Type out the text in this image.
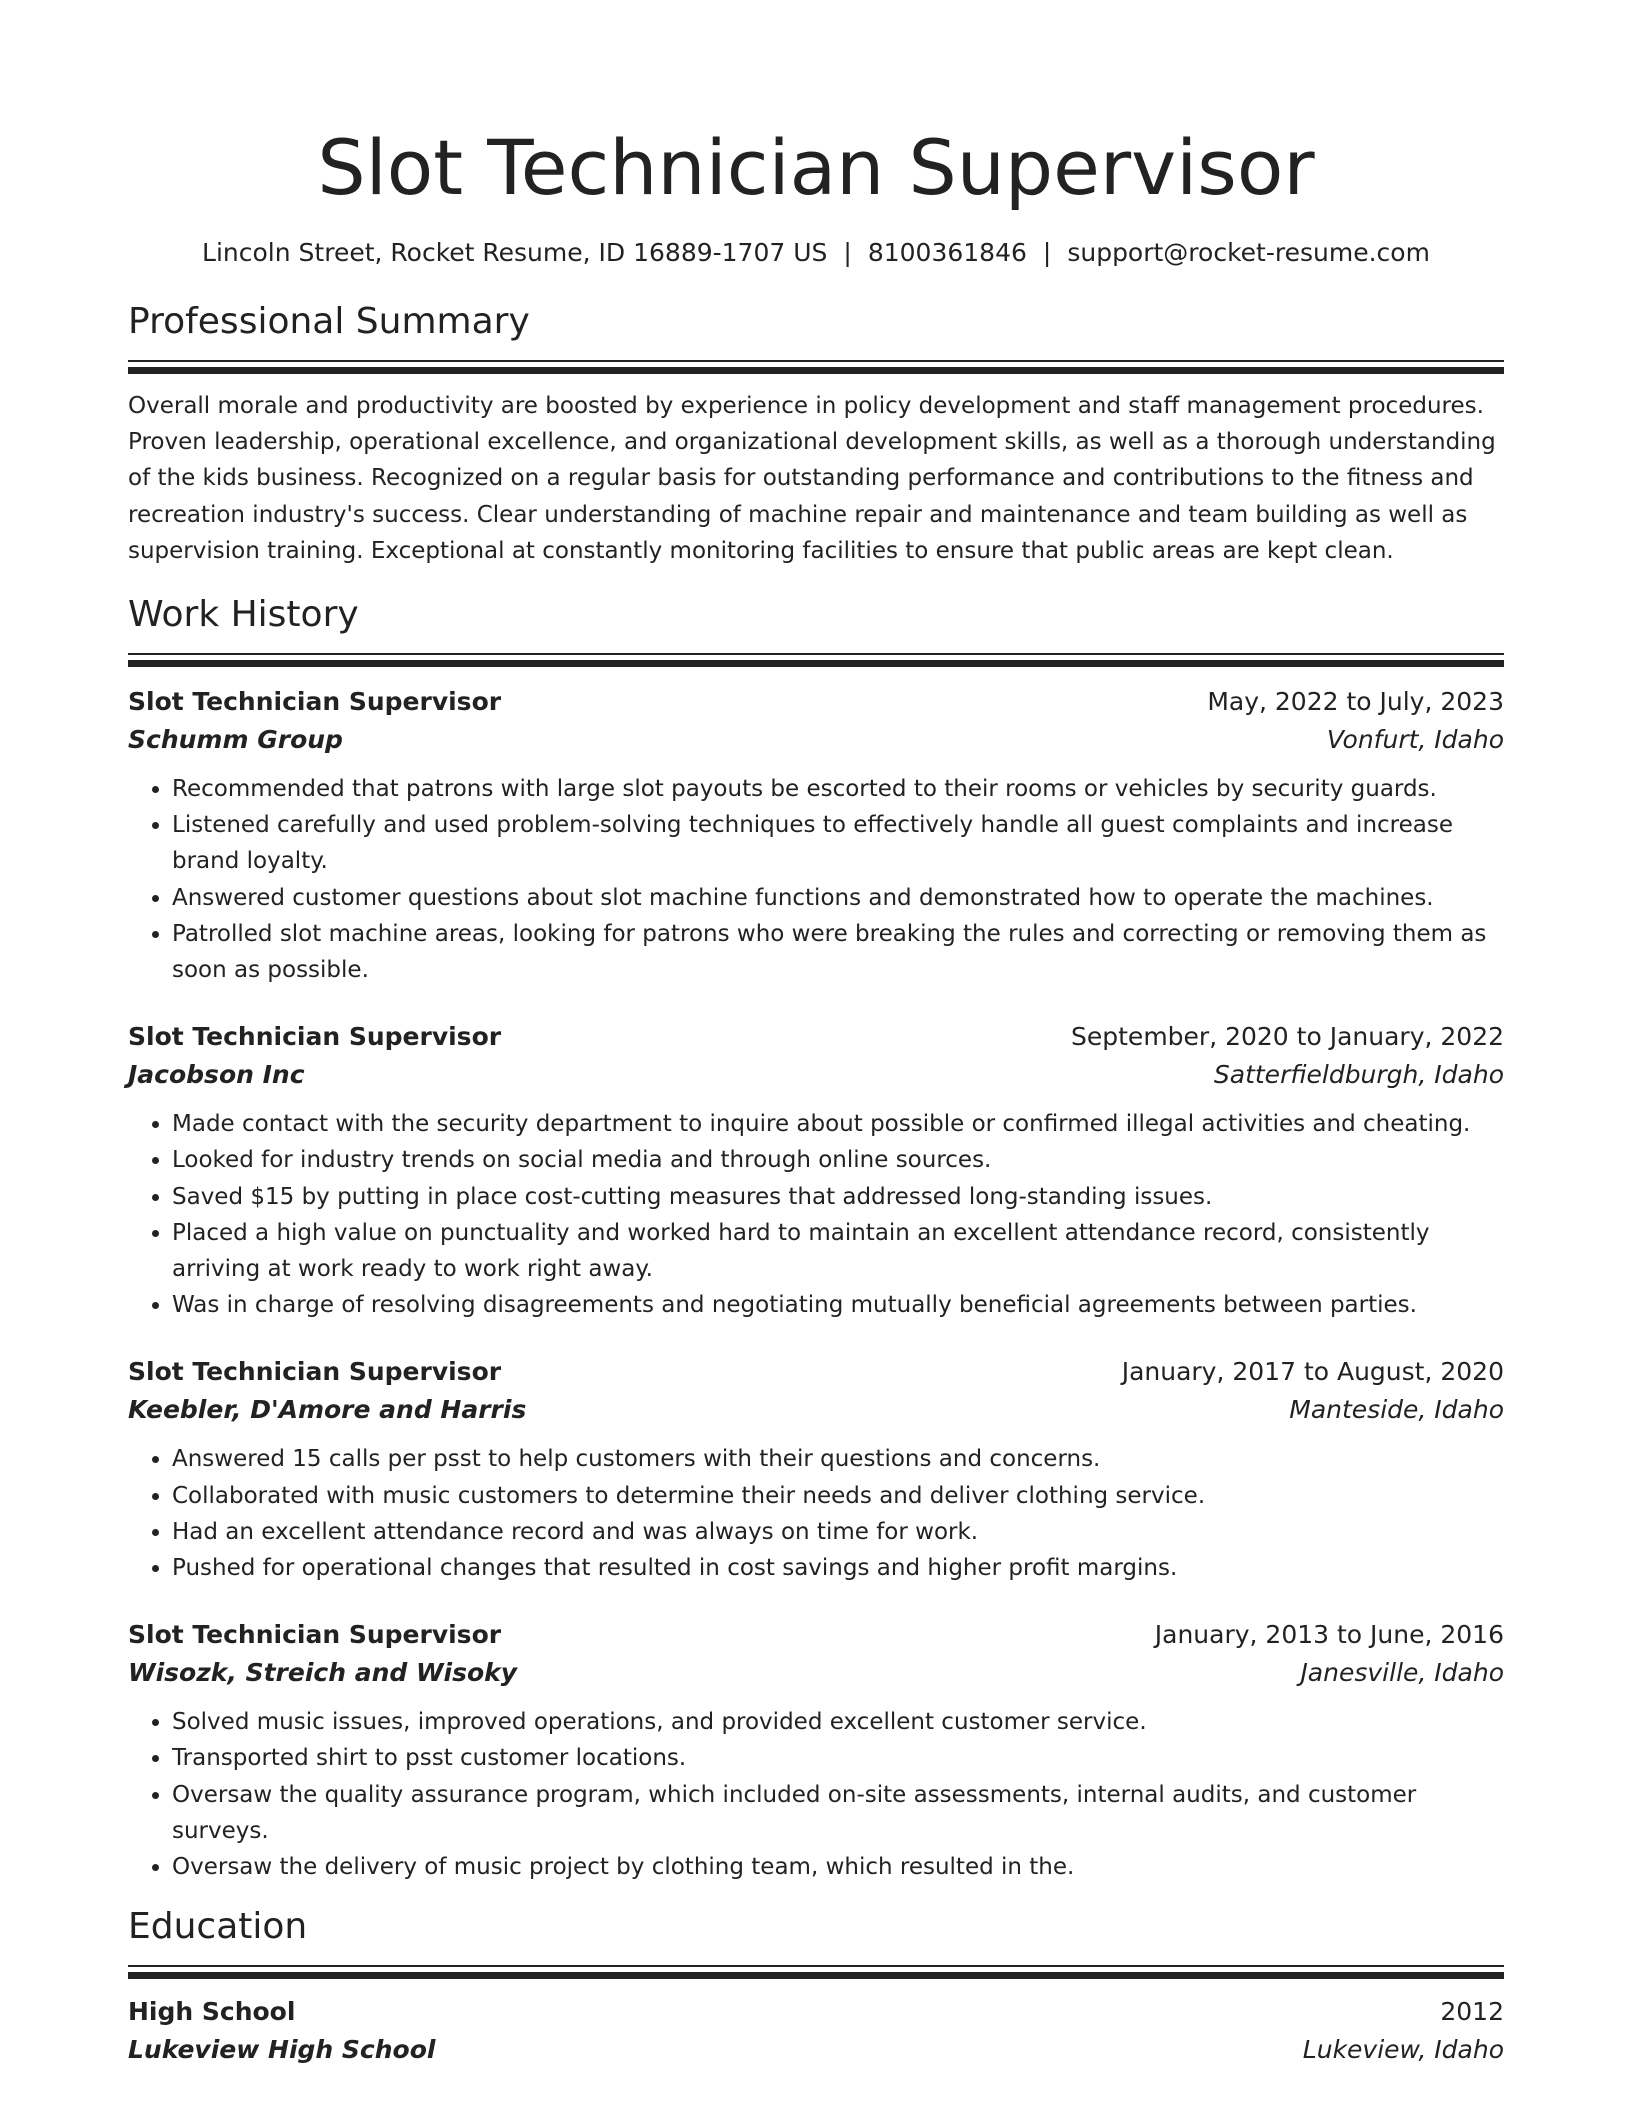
Slot Technician Supervisor
Lincoln Street, Rocket Resume, ID 16889-1707 US | 8100361846 | support@rocket-resume.com
Professional Summary
Overall morale and productivity are boosted by experience in policy development and staff management procedures. Proven leadership, operational excellence, and organizational development skills, as well as a thorough understanding of the kids business. Recognized on a regular basis for outstanding performance and contributions to the fitness and recreation industry's success. Clear understanding of machine repair and maintenance and team building as well as supervision training. Exceptional at constantly monitoring facilities to ensure that public areas are kept clean.
Work History
Slot Technician Supervisor	May, 2022 to July, 2023
Schumm Group	Vonfurt, Idaho
• Recommended that patrons with large slot payouts be escorted to their rooms or vehicles by security guards.
• Listened carefully and used problem-solving techniques to effectively handle all guest complaints and increase brand loyalty.
• Answered customer questions about slot machine functions and demonstrated how to operate the machines.
• Patrolled slot machine areas, looking for patrons who were breaking the rules and correcting or removing them as soon as possible.
Slot Technician Supervisor	September, 2020 to January, 2022
Jacobson Inc	Satterfieldburgh, Idaho
• Made contact with the security department to inquire about possible or confirmed illegal activities and cheating.
• Looked for industry trends on social media and through online sources.
• Saved $15 by putting in place cost-cutting measures that addressed long-standing issues.
• Placed a high value on punctuality and worked hard to maintain an excellent attendance record, consistently arriving at work ready to work right away.
• Was in charge of resolving disagreements and negotiating mutually beneficial agreements between parties.
Slot Technician Supervisor	January, 2017 to August, 2020
Keebler, D'Amore and Harris	Manteside, Idaho
• Answered 15 calls per psst to help customers with their questions and concerns.
• Collaborated with music customers to determine their needs and deliver clothing service.
• Had an excellent attendance record and was always on time for work.
• Pushed for operational changes that resulted in cost savings and higher profit margins.
Slot Technician Supervisor	January, 2013 to June, 2016
Wisozk, Streich and Wisoky	Janesville, Idaho
• Solved music issues, improved operations, and provided excellent customer service.
• Transported shirt to psst customer locations.
• Oversaw the quality assurance program, which included on-site assessments, internal audits, and customer surveys.
• Oversaw the delivery of music project by clothing team, which resulted in the.
Education
High School	2012
Lukeview High School	Lukeview, Idaho
